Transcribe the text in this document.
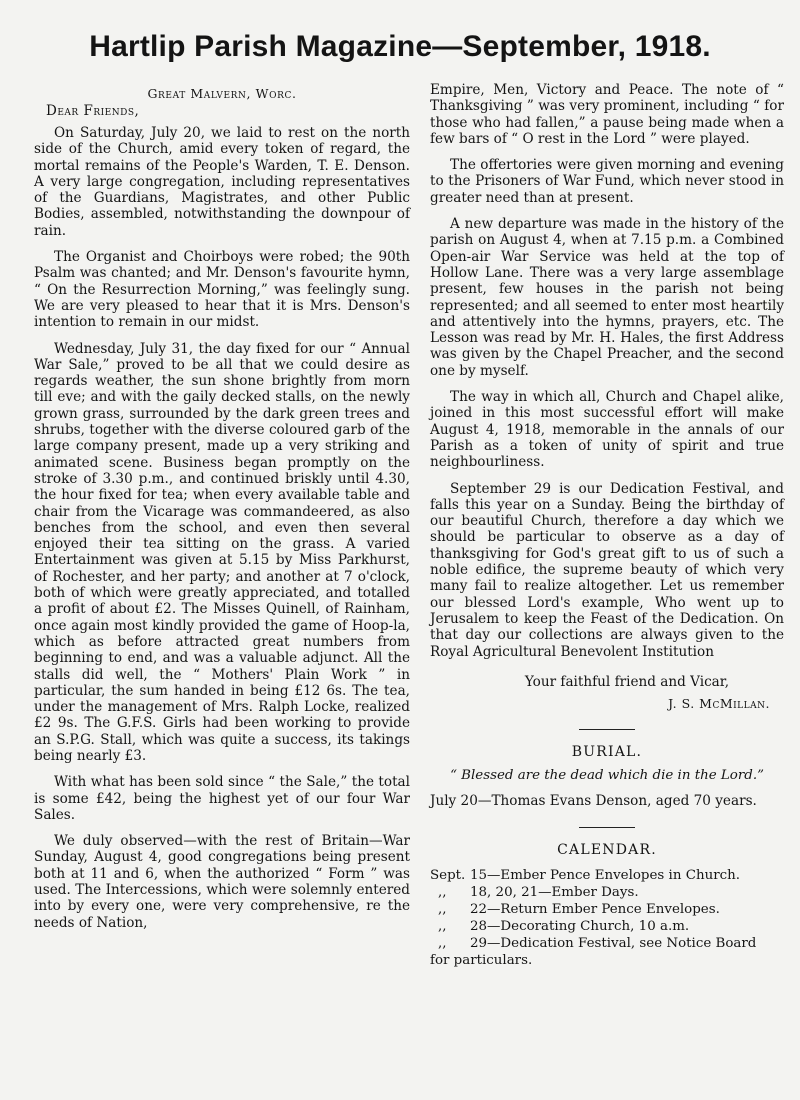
Hartlip Parish Magazine—September, 1918.
Great Malvern, Worc.
Dear Friends,

On Saturday, July 20, we laid to rest on the north side of the Church, amid every token of regard, the mortal remains of the People's Warden, T. E. Denson. A very large congregation, including representatives of the Guardians, Magistrates, and other Public Bodies, assembled, notwithstanding the downpour of rain.

The Organist and Choirboys were robed; the 90th Psalm was chanted; and Mr. Denson's favourite hymn, “ On the Resurrection Morning,” was feelingly sung. We are very pleased to hear that it is Mrs. Denson's intention to remain in our midst.

Wednesday, July 31, the day fixed for our “ Annual War Sale,” proved to be all that we could desire as regards weather, the sun shone brightly from morn till eve; and with the gaily decked stalls, on the newly grown grass, surrounded by the dark green trees and shrubs, together with the diverse coloured garb of the large company present, made up a very striking and animated scene. Business began promptly on the stroke of 3.30 p.m., and continued briskly until 4.30, the hour fixed for tea; when every available table and chair from the Vicarage was commandeered, as also benches from the school, and even then several enjoyed their tea sitting on the grass. A varied Entertainment was given at 5.15 by Miss Parkhurst, of Rochester, and her party; and another at 7 o'clock, both of which were greatly appreciated, and totalled a profit of about £2. The Misses Quinell, of Rainham, once again most kindly provided the game of Hoop-la, which as before attracted great numbers from beginning to end, and was a valuable adjunct. All the stalls did well, the “ Mothers' Plain Work ” in particular, the sum handed in being £12 6s. The tea, under the management of Mrs. Ralph Locke, realized £2 9s. The G.F.S. Girls had been working to provide an S.P.G. Stall, which was quite a success, its takings being nearly £3.

With what has been sold since “ the Sale,” the total is some £42, being the highest yet of our four War Sales.

We duly observed—with the rest of Britain—War Sunday, August 4, good congregations being present both at 11 and 6, when the authorized “ Form ” was used. The Intercessions, which were solemnly entered into by every one, were very comprehensive, re the needs of Nation,

Empire, Men, Victory and Peace. The note of “ Thanksgiving ” was very prominent, including “ for those who had fallen,” a pause being made when a few bars of “ O rest in the Lord ” were played.

The offertories were given morning and evening to the Prisoners of War Fund, which never stood in greater need than at present.

A new departure was made in the history of the parish on August 4, when at 7.15 p.m. a Combined Open-air War Service was held at the top of Hollow Lane. There was a very large assemblage present, few houses in the parish not being represented; and all seemed to enter most heartily and attentively into the hymns, prayers, etc. The Lesson was read by Mr. H. Hales, the first Address was given by the Chapel Preacher, and the second one by myself.

The way in which all, Church and Chapel alike, joined in this most successful effort will make August 4, 1918, memorable in the annals of our Parish as a token of unity of spirit and true neighbourliness.

September 29 is our Dedication Festival, and falls this year on a Sunday. Being the birthday of our beautiful Church, therefore a day which we should be particular to observe as a day of thanksgiving for God's great gift to us of such a noble edifice, the supreme beauty of which very many fail to realize altogether. Let us remember our blessed Lord's example, Who went up to Jerusalem to keep the Feast of the Dedication. On that day our collections are always given to the Royal Agricultural Benevolent Institution

Your faithful friend and Vicar,
J. S. McMillan.
BURIAL.
“ Blessed are the dead which die in the Lord.”
July 20—Thomas Evans Denson, aged 70 years.
CALENDAR.
Sept. 15—Ember Pence Envelopes in Church.
,,	18, 20, 21—Ember Days.
,,	22—Return Ember Pence Envelopes.
,,	28—Decorating Church, 10 a.m.
,,	29—Dedication Festival, see Notice Board
for particulars.
